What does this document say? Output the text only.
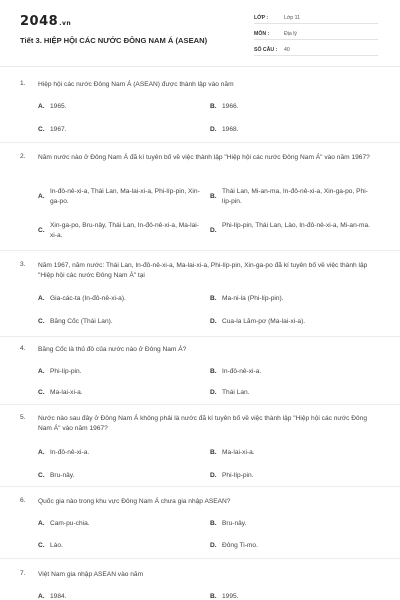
2048.vn
Tiết 3. HIỆP HỘI CÁC NƯỚC ĐÔNG NAM Á (ASEAN)
LỚP :	Lớp 11
MÔN :	Địa lý
SỐ CÂU : 40
1. Hiệp hội các nước Đông Nam Á (ASEAN) được thành lập vào năm
A. 1965.	B. 1966.
C. 1967.	D. 1968.
2. Năm nước nào ở Đông Nam Á đã kí tuyên bố về việc thành lập "Hiệp hội các nước Đông Nam Á" vào năm 1967?
A.
In-đô-nê-xi-a, Thái Lan, Ma-lai-xi-a, Phi-líp-pin, Xin-ga-po.
B.
Thái Lan, Mi-an-ma, In-đô-nê-xi-a, Xin-ga-po, Phi-líp-pin.
C.
Xin-ga-po, Bru-nây, Thái Lan, In-đô-nê-xi-a, Ma-lai-xi-a.
D.
Phi-líp-pin, Thái Lan, Lào, In-đô-nê-xi-a, Mi-an-ma.
3. Năm 1967, năm nước: Thái Lan, In-đô-nê-xi-a, Ma-lai-xi-a, Phi-líp-pin, Xin-ga-po đã kí tuyên bố về việc thành lập "Hiệp hội các nước Đông Nam Á" tại
A. Gia-các-ta (In-đô-nê-xi-a).	B. Ma-ni-la (Phi-líp-pin).
C. Băng Cốc (Thái Lan).	D. Cua-la Lăm-pơ (Ma-lai-xi-a).
4. Băng Cốc là thủ đô của nước nào ở Đông Nam Á?
A. Phi-líp-pin.	B. In-đô-nê-xi-a.
C. Ma-lai-xi-a.	D. Thái Lan.
5. Nước nào sau đây ở Đông Nam Á không phải là nước đã kí tuyên bố về việc thành lập "Hiệp hội các nước Đông Nam Á" vào năm 1967?
A. In-đô-nê-xi-a.	B. Ma-lai-xi-a.
C. Bru-nây.	D. Phi-líp-pin.
6. Quốc gia nào trong khu vực Đông Nam Á chưa gia nhập ASEAN?
A. Cam-pu-chia.	B. Bru-nây.
C. Lào.	D. Đông Ti-mo.
7. Việt Nam gia nhập ASEAN vào năm
A. 1984.	B. 1995.
